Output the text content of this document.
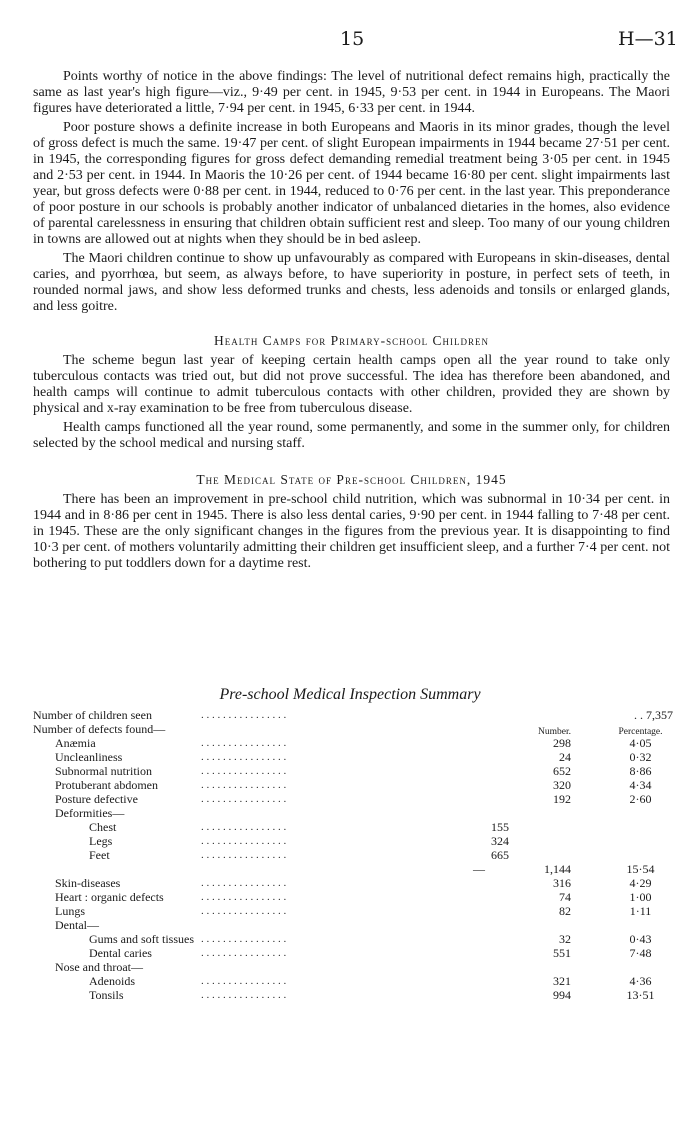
15	H—31

Points worthy of notice in the above findings: The level of nutritional defect remains high, practically the same as last year's high figure—viz., 9·49 per cent. in 1945, 9·53 per cent. in 1944 in Europeans. The Maori figures have deteriorated a little, 7·94 per cent. in 1945, 6·33 per cent. in 1944.

Poor posture shows a definite increase in both Europeans and Maoris in its minor grades, though the level of gross defect is much the same. 19·47 per cent. of slight European impairments in 1944 became 27·51 per cent. in 1945, the corresponding figures for gross defect demanding remedial treatment being 3·05 per cent. in 1945 and 2·53 per cent. in 1944. In Maoris the 10·26 per cent. of 1944 became 16·80 per cent. slight impairments last year, but gross defects were 0·88 per cent. in 1944, reduced to 0·76 per cent. in the last year. This preponderance of poor posture in our schools is probably another indicator of unbalanced dietaries in the homes, also evidence of parental carelessness in ensuring that children obtain sufficient rest and sleep. Too many of our young children in towns are allowed out at nights when they should be in bed asleep.

The Maori children continue to show up unfavourably as compared with Europeans in skin-diseases, dental caries, and pyorrhœa, but seem, as always before, to have superiority in posture, in perfect sets of teeth, in rounded normal jaws, and show less deformed trunks and chests, less adenoids and tonsils or enlarged glands, and less goitre.

Health Camps for Primary-school Children

The scheme begun last year of keeping certain health camps open all the year round to take only tuberculous contacts was tried out, but did not prove successful. The idea has therefore been abandoned, and health camps will continue to admit tuberculous contacts with other children, provided they are shown by physical and x-ray examination to be free from tuberculous disease.

Health camps functioned all the year round, some permanently, and some in the summer only, for children selected by the school medical and nursing staff.

The Medical State of Pre-school Children, 1945

There has been an improvement in pre-school child nutrition, which was subnormal in 10·34 per cent. in 1944 and in 8·86 per cent in 1945. There is also less dental caries, 9·90 per cent. in 1944 falling to 7·48 per cent. in 1945. These are the only significant changes in the figures from the previous year. It is disappointing to find 10·3 per cent. of mothers voluntarily admitting their children get insufficient sleep, and a further 7·4 per cent. not bothering to put toddlers down for a daytime rest.

Pre-school Medical Inspection Summary
. . . . . . . . . . . . . . . .
Number of children seen	. . 7,357
Number of defects found—	Number.	Percentage.
. . . . . . . . . . . . . . . .
Anæmia	298	4·05
. . . . . . . . . . . . . . . .
Uncleanliness	24	0·32
. . . . . . . . . . . . . . . .
Subnormal nutrition	652	8·86
. . . . . . . . . . . . . . . .
Protuberant abdomen	320	4·34
. . . . . . . . . . . . . . . .
Posture defective	192	2·60
Deformities—
. . . . . . . . . . . . . . . .
Chest	155
. . . . . . . . . . . . . . . .
Legs	324
. . . . . . . . . . . . . . . .
Feet	665
—	1,144	15·54
. . . . . . . . . . . . . . . .
Skin-diseases	316	4·29
. . . . . . . . . . . . . . . .
Heart : organic defects	74	1·00
. . . . . . . . . . . . . . . .
Lungs	82	1·11
Dental—
. . . . . . . . . . . . . . . .
Gums and soft tissues	32	0·43
. . . . . . . . . . . . . . . .
Dental caries	551	7·48
Nose and throat—
. . . . . . . . . . . . . . . .
Adenoids	321	4·36
. . . . . . . . . . . . . . . .
Tonsils	994	13·51
